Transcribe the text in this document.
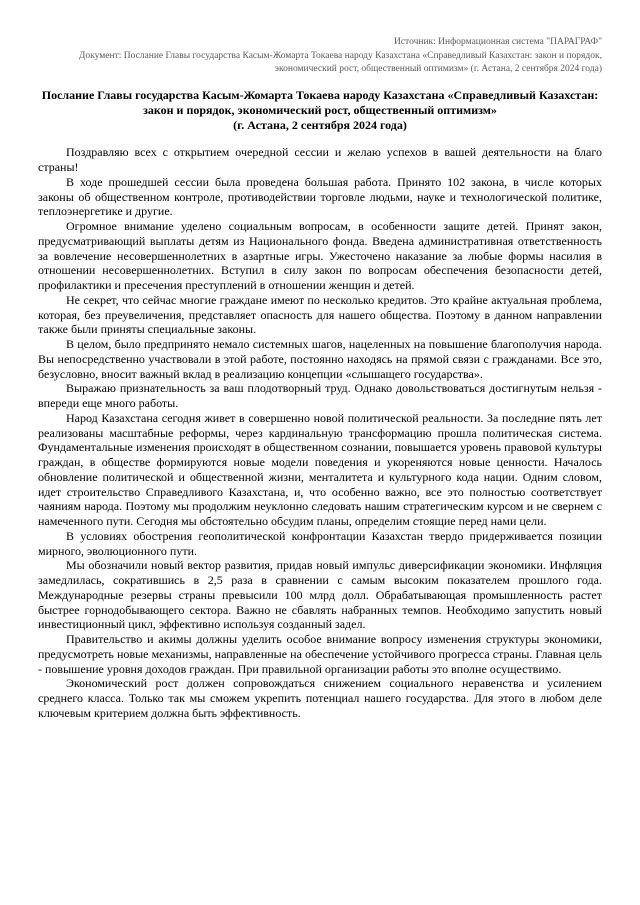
Источник: Информационная система "ПАРАГРАФ"
Документ: Послание Главы государства Касым-Жомарта Токаева народу Казахстана «Справедливый Казахстан: закон и порядок, экономический рост, общественный оптимизм» (г. Астана, 2 сентября 2024 года)
Послание Главы государства Касым-Жомарта Токаева народу Казахстана «Справедливый Казахстан: закон и порядок, экономический рост, общественный оптимизм»
(г. Астана, 2 сентября 2024 года)

Поздравляю всех с открытием очередной сессии и желаю успехов в вашей деятельности на благо страны!

В ходе прошедшей сессии была проведена большая работа. Принято 102 закона, в числе которых законы об общественном контроле, противодействии торговле людьми, науке и технологической политике, теплоэнергетике и другие.

Огромное внимание уделено социальным вопросам, в особенности защите детей. Принят закон, предусматривающий выплаты детям из Национального фонда. Введена административная ответственность за вовлечение несовершеннолетних в азартные игры. Ужесточено наказание за любые формы насилия в отношении несовершеннолетних. Вступил в силу закон по вопросам обеспечения безопасности детей, профилактики и пресечения преступлений в отношении женщин и детей.

Не секрет, что сейчас многие граждане имеют по несколько кредитов. Это крайне актуальная проблема, которая, без преувеличения, представляет опасность для нашего общества. Поэтому в данном направлении также были приняты специальные законы.

В целом, было предпринято немало системных шагов, нацеленных на повышение благополучия народа. Вы непосредственно участвовали в этой работе, постоянно находясь на прямой связи с гражданами. Все это, безусловно, вносит важный вклад в реализацию концепции «слышащего государства».

Выражаю признательность за ваш плодотворный труд. Однако довольствоваться достигнутым нельзя - впереди еще много работы.

Народ Казахстана сегодня живет в совершенно новой политической реальности. За последние пять лет реализованы масштабные реформы, через кардинальную трансформацию прошла политическая система. Фундаментальные изменения происходят в общественном сознании, повышается уровень правовой культуры граждан, в обществе формируются новые модели поведения и укореняются новые ценности. Началось обновление политической и общественной жизни, менталитета и культурного кода нации. Одним словом, идет строительство Справедливого Казахстана, и, что особенно важно, все это полностью соответствует чаяниям народа. Поэтому мы продолжим неуклонно следовать нашим стратегическим курсом и не свернем с намеченного пути. Сегодня мы обстоятельно обсудим планы, определим стоящие перед нами цели.

В условиях обострения геополитической конфронтации Казахстан твердо придерживается позиции мирного, эволюционного пути.

Мы обозначили новый вектор развития, придав новый импульс диверсификации экономики. Инфляция замедлилась, сократившись в 2,5 раза в сравнении с самым высоким показателем прошлого года. Международные резервы страны превысили 100 млрд долл. Обрабатывающая промышленность растет быстрее горнодобывающего сектора. Важно не сбавлять набранных темпов. Необходимо запустить новый инвестиционный цикл, эффективно используя созданный задел.

Правительство и акимы должны уделить особое внимание вопросу изменения структуры экономики, предусмотреть новые механизмы, направленные на обеспечение устойчивого прогресса страны. Главная цель - повышение уровня доходов граждан. При правильной организации работы это вполне осуществимо.

Экономический рост должен сопровождаться снижением социального неравенства и усилением среднего класса. Только так мы сможем укрепить потенциал нашего государства. Для этого в любом деле ключевым критерием должна быть эффективность.
